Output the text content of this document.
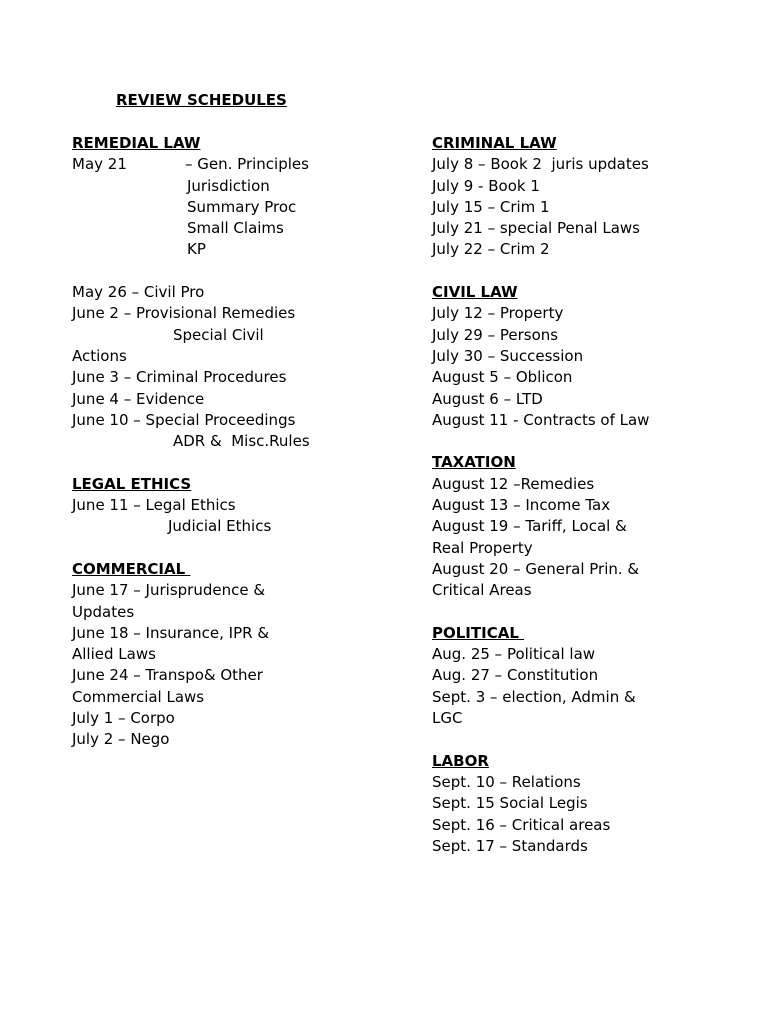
REVIEW SCHEDULES
REMEDIAL LAW
May 21	– Gen. Principles
Jurisdiction
Summary Proc
Small Claims
KP
May 26 – Civil Pro
June 2 – Provisional Remedies
Special Civil
Actions
June 3 – Criminal Procedures
June 4 – Evidence
June 10 – Special Proceedings
ADR &  Misc.Rules
LEGAL ETHICS
June 11 – Legal Ethics
Judicial Ethics
COMMERCIAL
June 17 – Jurisprudence &
Updates
June 18 – Insurance, IPR &
Allied Laws
June 24 – Transpo& Other
Commercial Laws
July 1 – Corpo
July 2 – Nego
CRIMINAL LAW
July 8 – Book 2  juris updates
July 9 - Book 1
July 15 – Crim 1
July 21 – special Penal Laws
July 22 – Crim 2
CIVIL LAW
July 12 – Property
July 29 – Persons
July 30 – Succession
August 5 – Oblicon
August 6 – LTD
August 11 - Contracts of Law
TAXATION
August 12 –Remedies
August 13 – Income Tax
August 19 – Tariff, Local &
Real Property
August 20 – General Prin. &
Critical Areas
POLITICAL
Aug. 25 – Political law
Aug. 27 – Constitution
Sept. 3 – election, Admin &
LGC
LABOR
Sept. 10 – Relations
Sept. 15 Social Legis
Sept. 16 – Critical areas
Sept. 17 – Standards
